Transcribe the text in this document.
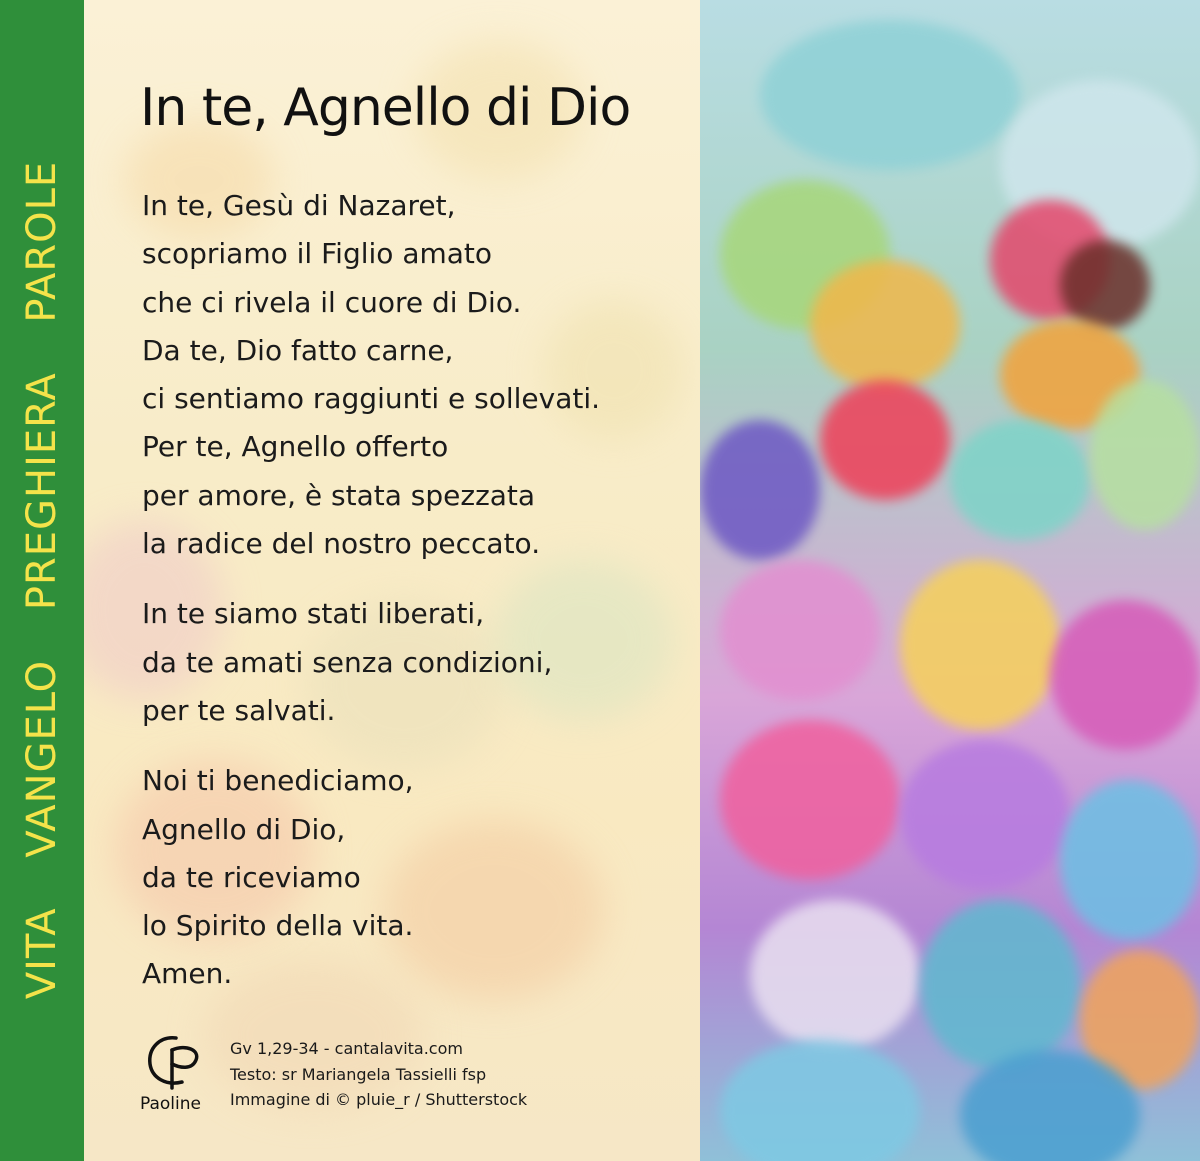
VITA VANGELO PREGHIERA PAROLE
In te, Agnello di Dio
In te, Gesù di Nazaret,
scopriamo il Figlio amato
che ci rivela il cuore di Dio.
Da te, Dio fatto carne,
ci sentiamo raggiunti e sollevati.
Per te, Agnello offerto
per amore, è stata spezzata
la radice del nostro peccato.
In te siamo stati liberati,
da te amati senza condizioni,
per te salvati.
Noi ti benediciamo,
Agnello di Dio,
da te riceviamo
lo Spirito della vita.
Amen.
Paoline
Gv 1,29-34 - cantalavita.com
Testo: sr Mariangela Tassielli fsp
Immagine di © pluie_r / Shutterstock
